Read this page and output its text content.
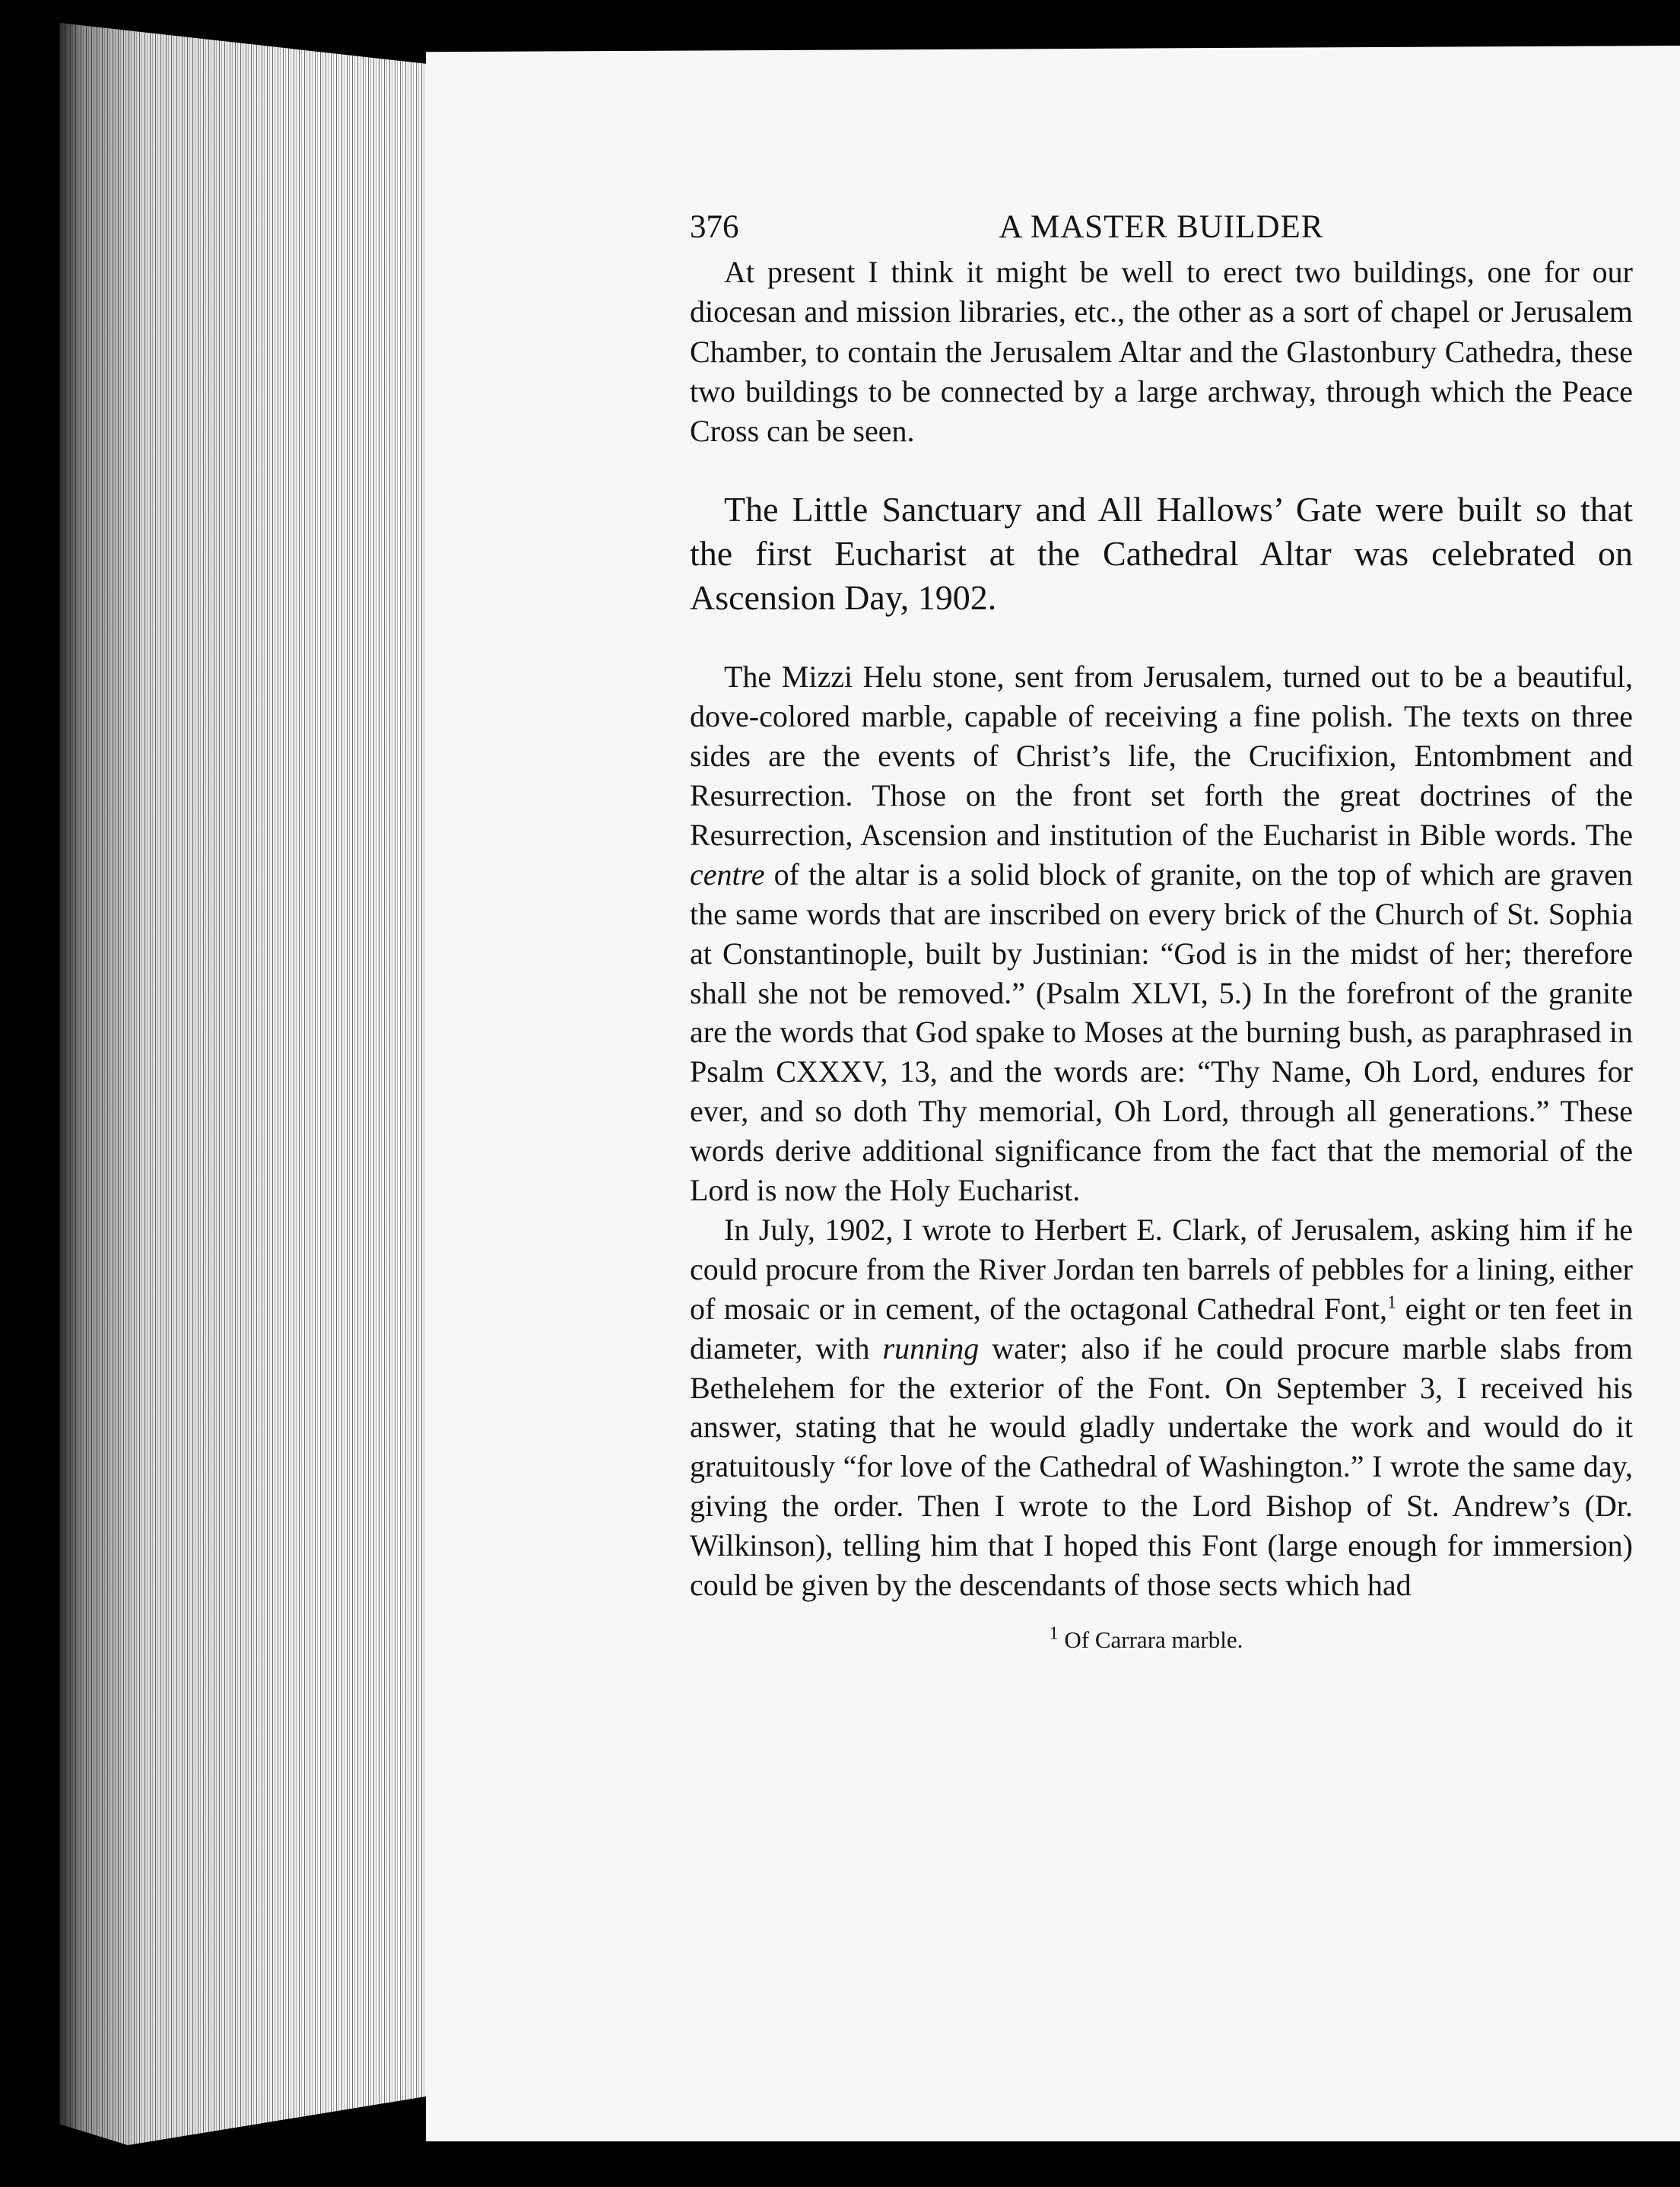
376	A MASTER BUILDER

At present I think it might be well to erect two buildings, one for our diocesan and mission libraries, etc., the other as a sort of chapel or Jerusalem Chamber, to contain the Jerusalem Altar and the Glastonbury Cathedra, these two buildings to be connected by a large archway, through which the Peace Cross can be seen.

The Little Sanctuary and All Hallows’ Gate were built so that the first Eucharist at the Cathedral Altar was celebrated on Ascension Day, 1902.

The Mizzi Helu stone, sent from Jerusalem, turned out to be a beautiful, dove-colored marble, capable of receiving a fine polish. The texts on three sides are the events of Christ’s life, the Crucifixion, Entombment and Resurrection. Those on the front set forth the great doctrines of the Resurrection, Ascension and institution of the Eucharist in Bible words. The centre of the altar is a solid block of granite, on the top of which are graven the same words that are inscribed on every brick of the Church of St. Sophia at Constantinople, built by Justinian: “God is in the midst of her; therefore shall she not be removed.” (Psalm XLVI, 5.) In the forefront of the granite are the words that God spake to Moses at the burning bush, as paraphrased in Psalm CXXXV, 13, and the words are: “Thy Name, Oh Lord, endures for ever, and so doth Thy memorial, Oh Lord, through all generations.” These words derive additional significance from the fact that the memorial of the Lord is now the Holy Eucharist.

In July, 1902, I wrote to Herbert E. Clark, of Jerusalem, asking him if he could procure from the River Jordan ten barrels of pebbles for a lining, either of mosaic or in cement, of the octagonal Cathedral Font,$^1$ eight or ten feet in diameter, with running water; also if he could procure marble slabs from Bethelehem for the exterior of the Font. On September 3, I received his answer, stating that he would gladly undertake the work and would do it gratuitously “for love of the Cathedral of Washington.” I wrote the same day, giving the order. Then I wrote to the Lord Bishop of St. Andrew’s (Dr. Wilkinson), telling him that I hoped this Font (large enough for immersion) could be given by the descendants of those sects which had

$^1$ Of Carrara marble.
